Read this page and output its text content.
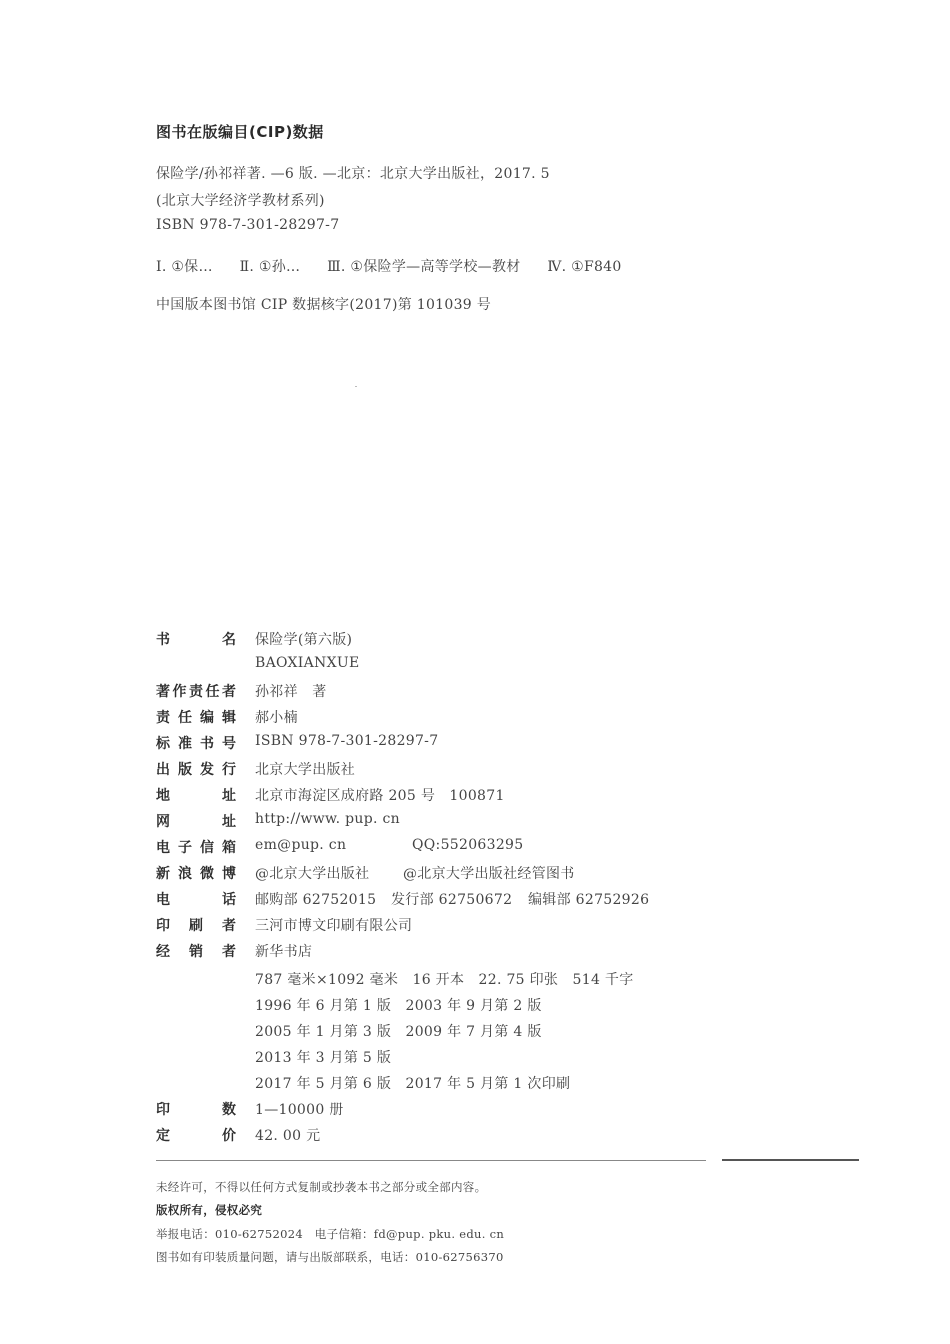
图书在版编目(CIP)数据
保险学/孙祁祥著. —6 版. —北京：北京大学出版社，2017. 5
(北京大学经济学教材系列)
ISBN 978-7-301-28297-7
Ⅰ. ①保… Ⅱ. ①孙… Ⅲ. ①保险学—高等学校—教材 Ⅳ. ①F840
中国版本图书馆 CIP 数据核字(2017)第 101039 号
书	名 保险学(第六版)
BAOXIANXUE
著 作 责 任 者 孙祁祥　著
责 任 编 辑 郝小楠
标 准 书 号 ISBN 978-7-301-28297-7
出 版 发 行 北京大学出版社
地	址 北京市海淀区成府路 205 号　100871
网	址 http://www. pup. cn
电 子 信 箱 em@pup. cn	QQ:552063295
新 浪 微 博 @北京大学出版社 @北京大学出版社经管图书
电	话 邮购部 62752015 发行部 62750672 编辑部 62752926
印 刷 者 三河市博文印刷有限公司
经 销 者 新华书店
787 毫米×1092 毫米　16 开本　22. 75 印张　514 千字
1996 年 6 月第 1 版　2003 年 9 月第 2 版
2005 年 1 月第 3 版　2009 年 7 月第 4 版
2013 年 3 月第 5 版
2017 年 5 月第 6 版　2017 年 5 月第 1 次印刷
印	数 1—10000 册
定	价 42. 00 元
未经许可，不得以任何方式复制或抄袭本书之部分或全部内容。
版权所有，侵权必究
举报电话：010-62752024　电子信箱：fd@pup. pku. edu. cn
图书如有印装质量问题，请与出版部联系，电话：010-62756370
